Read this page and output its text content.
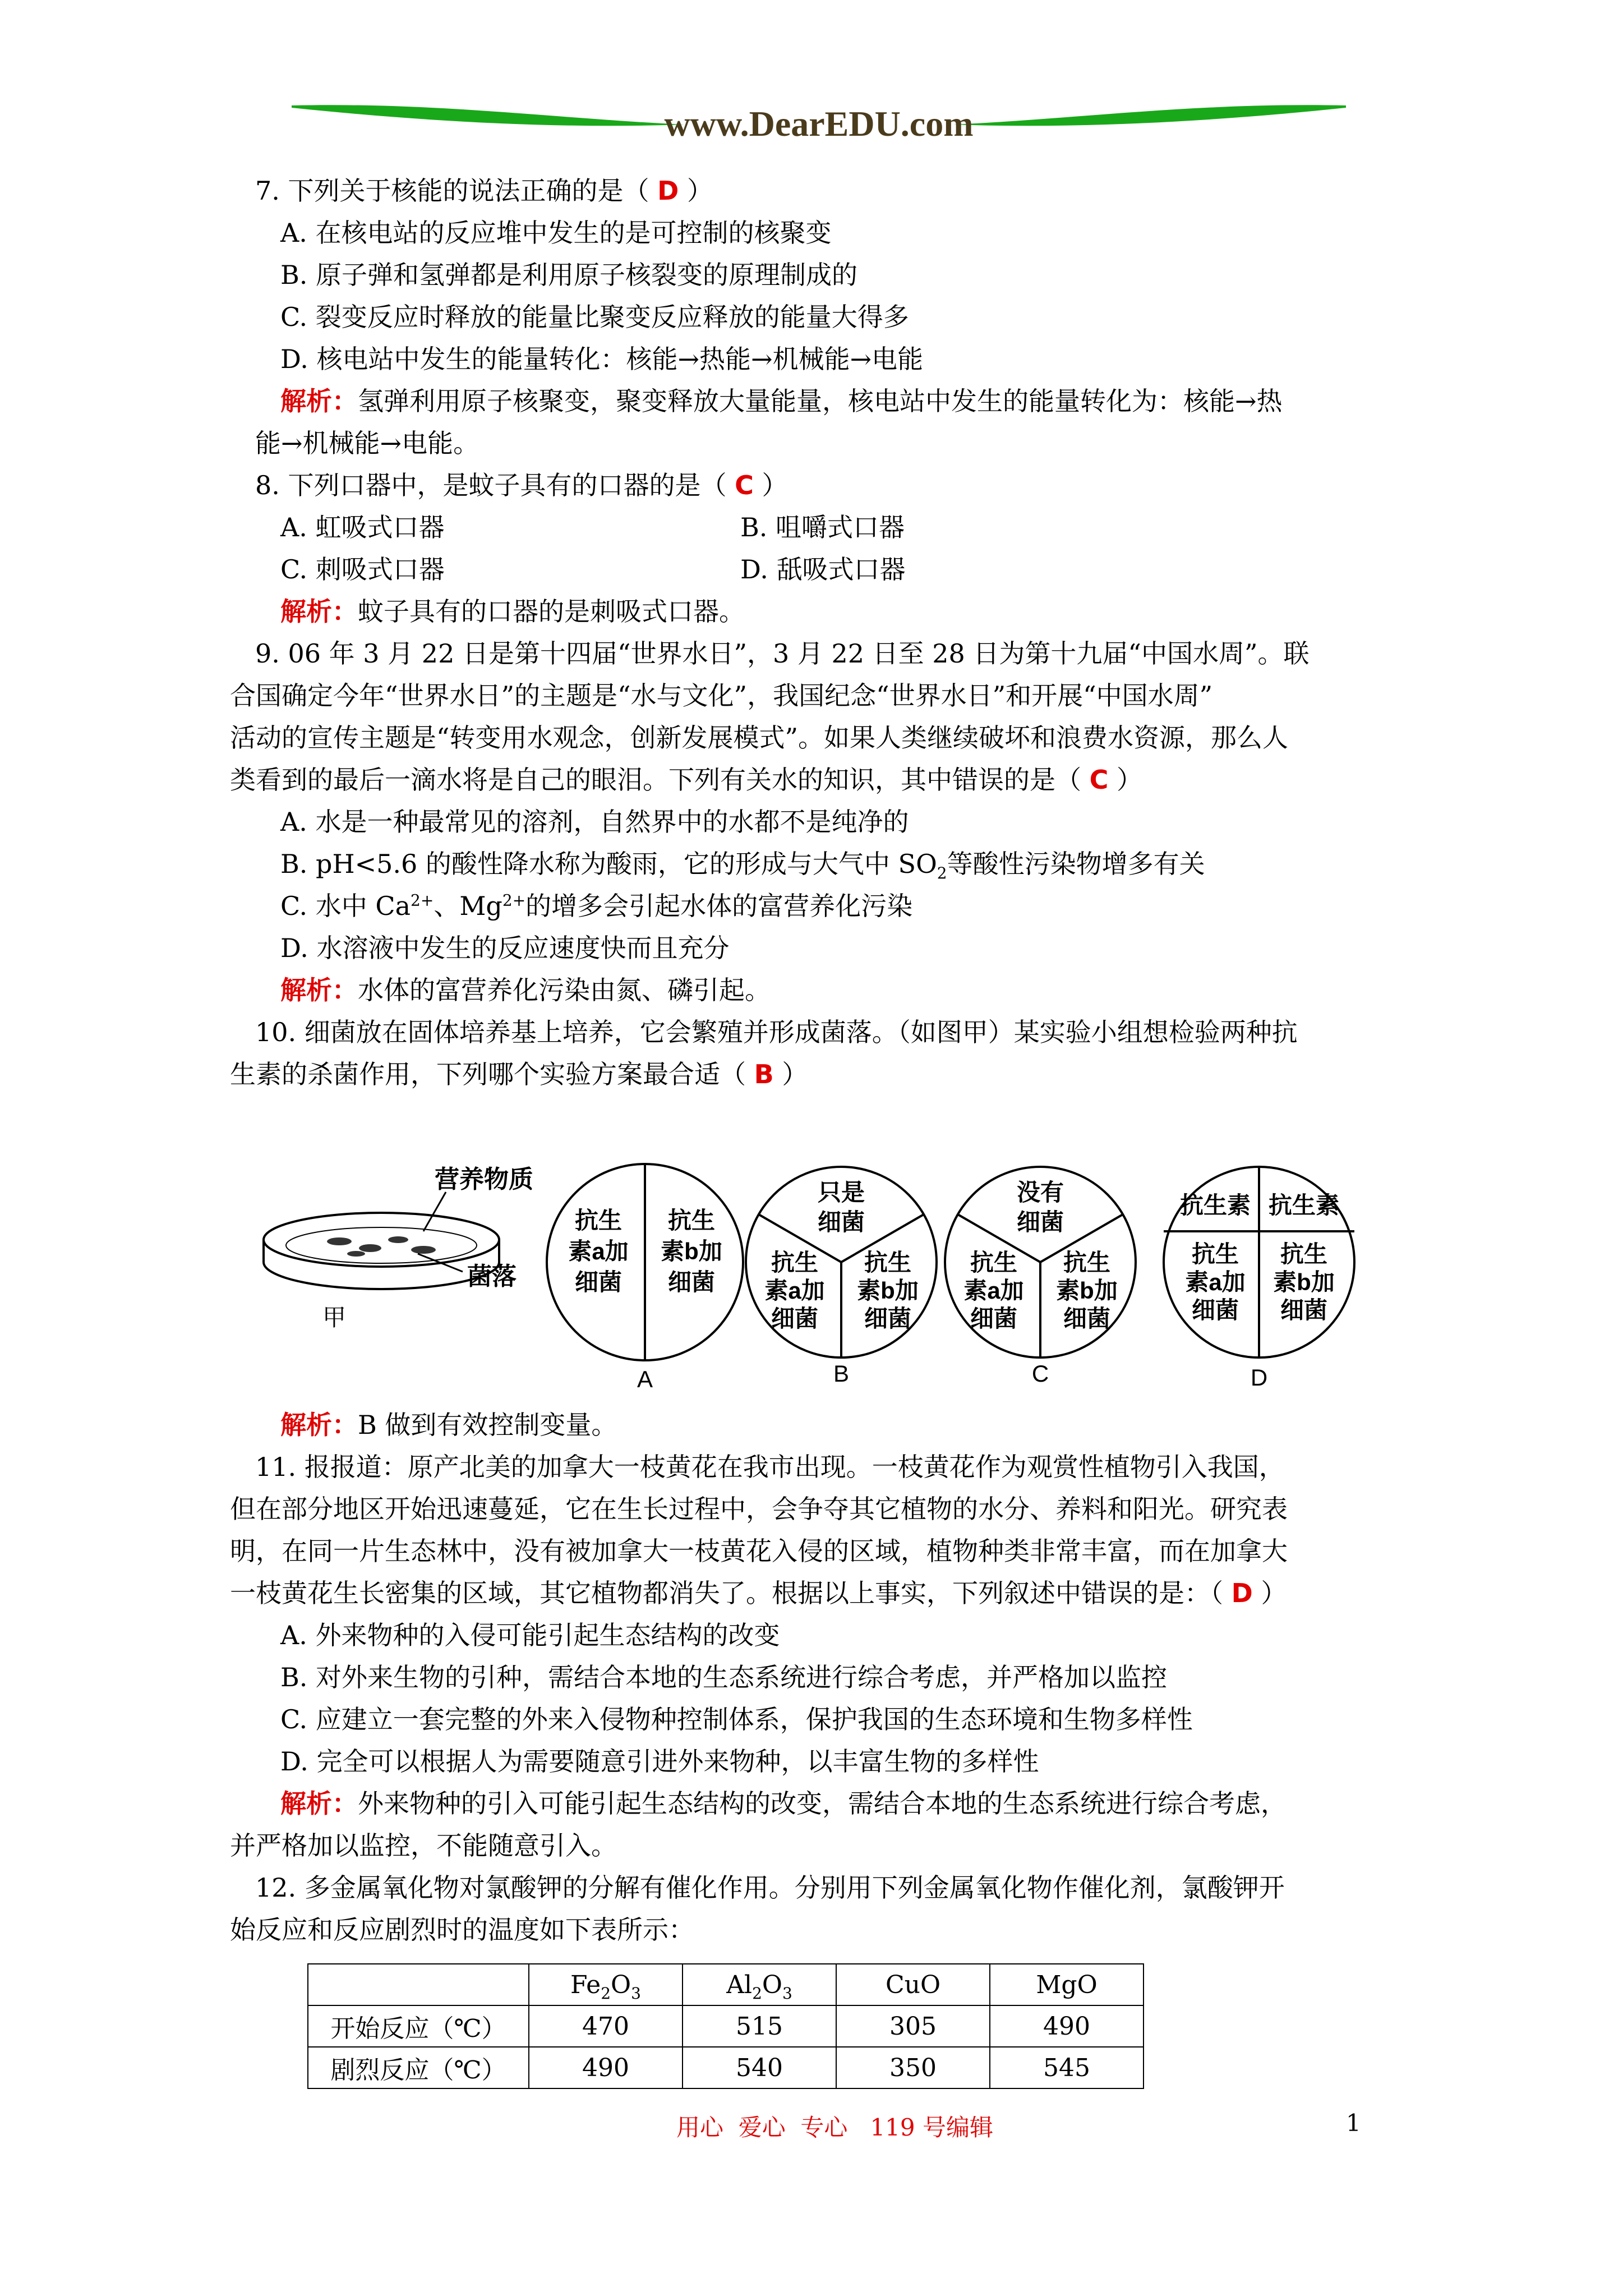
www.DearEDU.com
7. 下列关于核能的说法正确的是（ D ）
A. 在核电站的反应堆中发生的是可控制的核聚变
B. 原子弹和氢弹都是利用原子核裂变的原理制成的
C. 裂变反应时释放的能量比聚变反应释放的能量大得多
D. 核电站中发生的能量转化：核能→热能→机械能→电能
解析：氢弹利用原子核聚变，聚变释放大量能量，核电站中发生的能量转化为：核能→热
能→机械能→电能。
8. 下列口器中，是蚊子具有的口器的是（ C ）
A. 虹吸式口器	B. 咀嚼式口器
C. 刺吸式口器	D. 舐吸式口器
解析：蚊子具有的口器的是刺吸式口器。
9. 06 年 3 月 22 日是第十四届“世界水日”，3 月 22 日至 28 日为第十九届“中国水周”。联
合国确定今年“世界水日”的主题是“水与文化”，我国纪念“世界水日”和开展“中国水周”
活动的宣传主题是“转变用水观念，创新发展模式”。如果人类继续破坏和浪费水资源，那么人
类看到的最后一滴水将是自己的眼泪。下列有关水的知识，其中错误的是（ C ）
A. 水是一种最常见的溶剂，自然界中的水都不是纯净的
B. pH<5.6 的酸性降水称为酸雨，它的形成与大气中 $SO_2$等酸性污染物增多有关
C. 水中 $Ca^{2+}$、$Mg^{2+}$的增多会引起水体的富营养化污染
D. 水溶液中发生的反应速度快而且充分
解析：水体的富营养化污染由氮、磷引起。
10. 细菌放在固体培养基上培养，它会繁殖并形成菌落。（如图甲）某实验小组想检验两种抗
生素的杀菌作用，下列哪个实验方案最合适（ B ）
营养物质
菌落
甲
抗生
素a加
细菌
抗生
素b加
细菌
A
只是
细菌
抗生
素a加
细菌
抗生
素b加
细菌
B
没有
细菌
抗生
素a加
细菌
抗生
素b加
细菌
C
抗生素 抗生素
抗生
素a加
细菌
抗生
素b加
细菌
D
解析：B 做到有效控制变量。
11. 报报道：原产北美的加拿大一枝黄花在我市出现。一枝黄花作为观赏性植物引入我国，
但在部分地区开始迅速蔓延，它在生长过程中，会争夺其它植物的水分、养料和阳光。研究表
明，在同一片生态林中，没有被加拿大一枝黄花入侵的区域，植物种类非常丰富，而在加拿大
一枝黄花生长密集的区域，其它植物都消失了。根据以上事实，下列叙述中错误的是：（ D ）
A. 外来物种的入侵可能引起生态结构的改变
B. 对外来生物的引种，需结合本地的生态系统进行综合考虑，并严格加以监控
C. 应建立一套完整的外来入侵物种控制体系，保护我国的生态环境和生物多样性
D. 完全可以根据人为需要随意引进外来物种，以丰富生物的多样性
解析：外来物种的引入可能引起生态结构的改变，需结合本地的生态系统进行综合考虑，
并严格加以监控，不能随意引入。
12. 多金属氧化物对氯酸钾的分解有催化作用。分别用下列金属氧化物作催化剂，氯酸钾开
始反应和反应剧烈时的温度如下表所示：
	$Fe_2O_3$	$Al_2O_3$	CuO	MgO
开始反应（℃）	470	515	305	490
剧烈反应（℃）	490	540	350	545
用心  爱心  专心   119 号编辑	1
